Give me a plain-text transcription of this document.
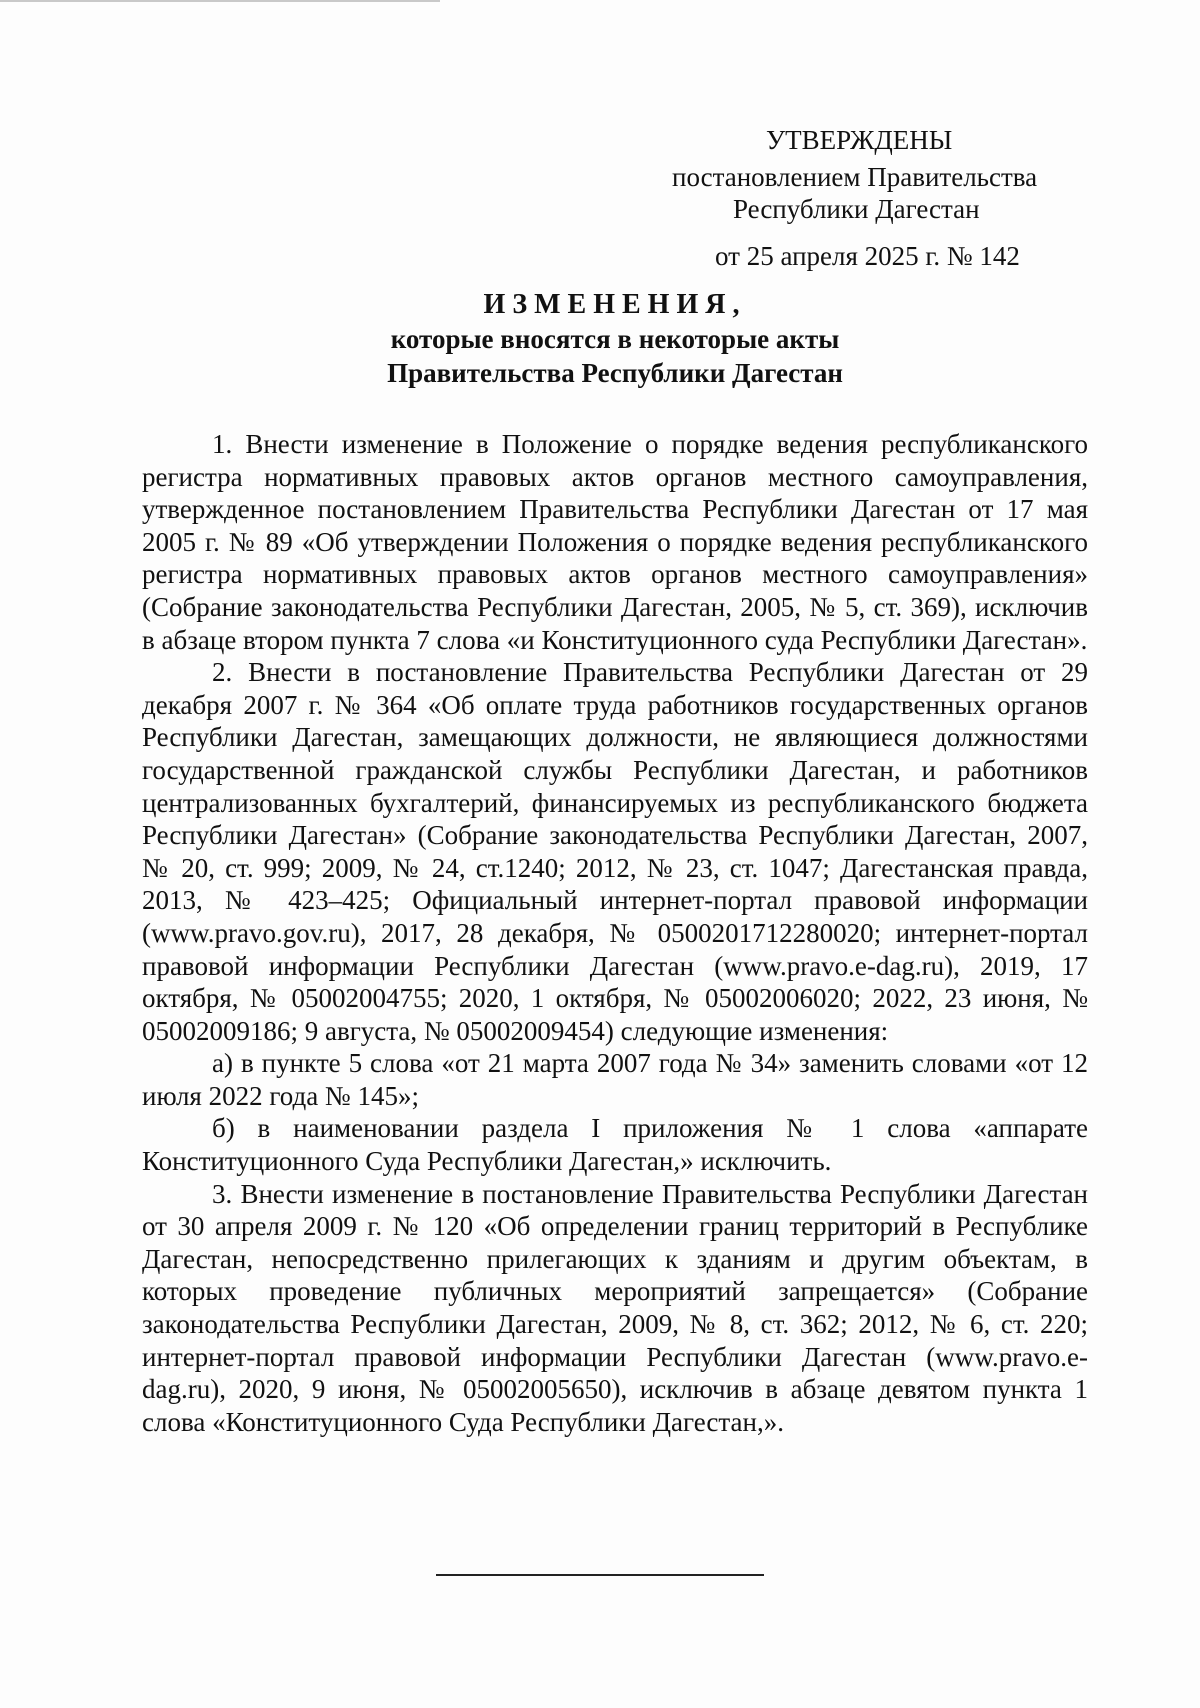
УТВЕРЖДЕНЫ
постановлением Правительства
Республики Дагестан
от 25 апреля 2025 г. № 142
ИЗМЕНЕНИЯ,
которые вносятся в некоторые акты
Правительства Республики Дагестан

1. Внести изменение в Положение о порядке ведения республиканского регистра нормативных правовых актов органов местного самоуправления, утвержденное постановлением Правительства Республики Дагестан от 17 мая 2005 г. № 89 «Об утверждении Положения о порядке ведения республиканского регистра нормативных правовых актов органов местного самоуправления» (Собрание законодательства Республики Дагестан, 2005, № 5, ст. 369), исключив в абзаце втором пункта 7 слова «и Конституционного суда Республики Дагестан».

2. Внести в постановление Правительства Республики Дагестан от 29 декабря 2007 г. № 364 «Об оплате труда работников государственных органов Республики Дагестан, замещающих должности, не являющиеся должностями государственной гражданской службы Республики Дагестан, и работников централизованных бухгалтерий, финансируемых из республиканского бюджета Республики Дагестан» (Собрание законодательства Республики Дагестан, 2007, № 20, ст. 999; 2009, № 24, ст.1240; 2012, № 23, ст. 1047; Дагестанская правда, 2013, № 423–425; Официальный интернет-портал правовой информации (www.pravo.gov.ru), 2017, 28 декабря, № 0500201712280020; интернет-портал правовой информации Республики Дагестан (www.pravo.e-dag.ru), 2019, 17 октября, № 05002004755; 2020, 1 октября, № 05002006020; 2022, 23 июня, № 05002009186; 9 августа, № 05002009454) следующие изменения:

а) в пункте 5 слова «от 21 марта 2007 года № 34» заменить словами «от 12 июля 2022 года № 145»;

б) в наименовании раздела I приложения № 1 слова «аппарате Конституционного Суда Республики Дагестан,» исключить.

3. Внести изменение в постановление Правительства Республики Дагестан от 30 апреля 2009 г. № 120 «Об определении границ территорий в Республике Дагестан, непосредственно прилегающих к зданиям и другим объектам, в которых проведение публичных мероприятий запрещается» (Собрание законодательства Республики Дагестан, 2009, № 8, ст. 362; 2012, № 6, ст. 220; интернет-портал правовой информации Республики Дагестан (www.pravo.e-dag.ru), 2020, 9 июня, № 05002005650), исключив в абзаце девятом пункта 1 слова «Конституционного Суда Республики Дагестан,».
